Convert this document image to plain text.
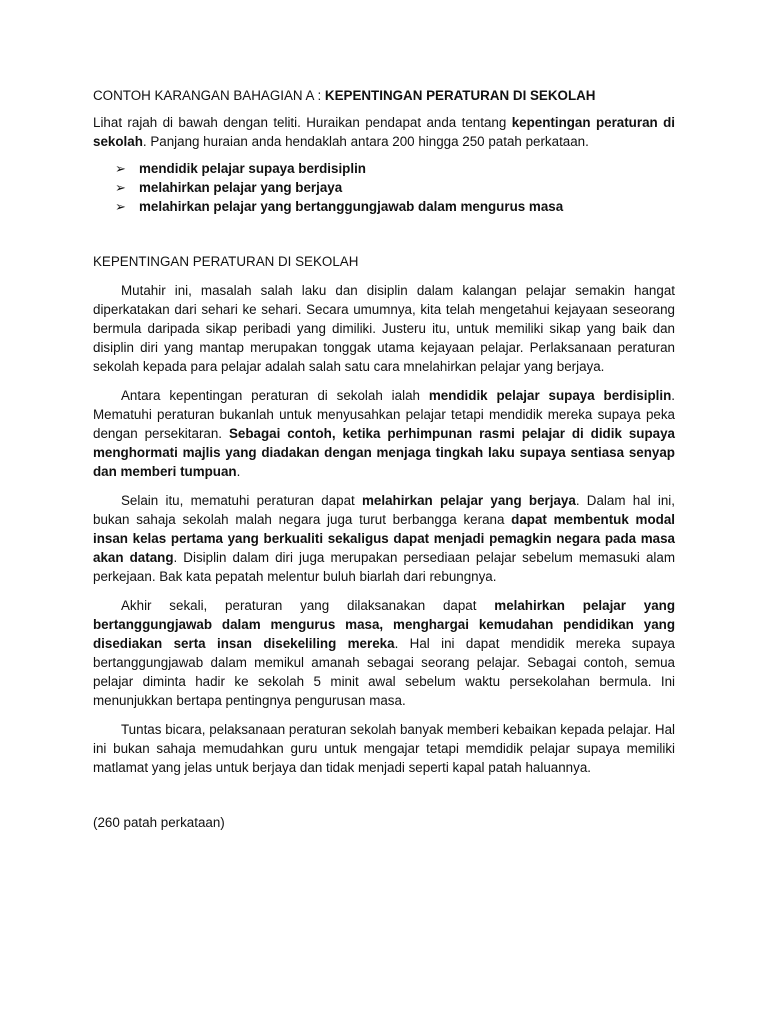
CONTOH KARANGAN BAHAGIAN A : KEPENTINGAN PERATURAN DI SEKOLAH

Lihat rajah di bawah dengan teliti. Huraikan pendapat anda tentang kepentingan peraturan di sekolah. Panjang huraian anda hendaklah antara 200 hingga 250 patah perkataan.

➢ mendidik pelajar supaya berdisiplin
➢ melahirkan pelajar yang berjaya
➢ melahirkan pelajar yang bertanggungjawab dalam mengurus masa

KEPENTINGAN PERATURAN DI SEKOLAH

Mutahir ini, masalah salah laku dan disiplin dalam kalangan pelajar semakin hangat diperkatakan dari sehari ke sehari. Secara umumnya, kita telah mengetahui kejayaan seseorang bermula daripada sikap peribadi yang dimiliki. Justeru itu, untuk memiliki sikap yang baik dan disiplin diri yang mantap merupakan tonggak utama kejayaan pelajar. Perlaksanaan peraturan sekolah kepada para pelajar adalah salah satu cara mnelahirkan pelajar yang berjaya.

Antara kepentingan peraturan di sekolah ialah mendidik pelajar supaya berdisiplin. Mematuhi peraturan bukanlah untuk menyusahkan pelajar tetapi mendidik mereka supaya peka dengan persekitaran. Sebagai contoh, ketika perhimpunan rasmi pelajar di didik supaya menghormati majlis yang diadakan dengan menjaga tingkah laku supaya sentiasa senyap dan memberi tumpuan.

Selain itu, mematuhi peraturan dapat melahirkan pelajar yang berjaya. Dalam hal ini, bukan sahaja sekolah malah negara juga turut berbangga kerana dapat membentuk modal insan kelas pertama yang berkualiti sekaligus dapat menjadi pemagkin negara pada masa akan datang. Disiplin dalam diri juga merupakan persediaan pelajar sebelum memasuki alam perkejaan. Bak kata pepatah melentur buluh biarlah dari rebungnya.

Akhir sekali, peraturan yang dilaksanakan dapat melahirkan pelajar yang bertanggungjawab dalam mengurus masa, menghargai kemudahan pendidikan yang disediakan serta insan disekeliling mereka. Hal ini dapat mendidik mereka supaya bertanggungjawab dalam memikul amanah sebagai seorang pelajar. Sebagai contoh, semua pelajar diminta hadir ke sekolah 5 minit awal sebelum waktu persekolahan bermula. Ini menunjukkan bertapa pentingnya pengurusan masa.

Tuntas bicara, pelaksanaan peraturan sekolah banyak memberi kebaikan kepada pelajar. Hal ini bukan sahaja memudahkan guru untuk mengajar tetapi memdidik pelajar supaya memiliki matlamat yang jelas untuk berjaya dan tidak menjadi seperti kapal patah haluannya.

(260 patah perkataan)
